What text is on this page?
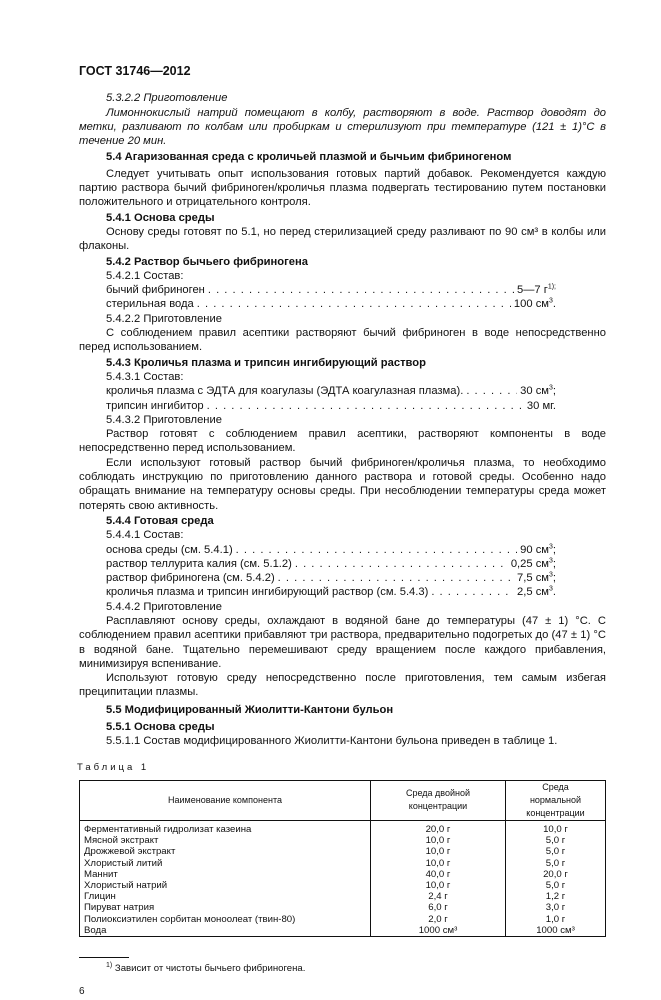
ГОСТ 31746—2012
5.3.2.2 Приготовление
Лимоннокислый натрий помещают в колбу, растворяют в воде. Раствор доводят до метки, разливают по колбам или пробиркам и стерилизуют при температуре (121 ± 1)°С в течение 20 мин.
5.4 Агаризованная среда с кроличьей плазмой и бычьим фибриногеном
Следует учитывать опыт использования готовых партий добавок. Рекомендуется каждую партию раствора бычий фибриноген/кроличья плазма подвергать тестированию путем постановки положительного и отрицательного контроля.
5.4.1 Основа среды
Основу среды готовят по 5.1, но перед стерилизацией среду разливают по 90 см³ в колбы или флаконы.
5.4.2 Раствор бычьего фибриногена
5.4.2.1 Состав:
бычий фибриноген . . .	5—7 $г^{1);}$
стерильная вода . . .	100 $см^3$.
5.4.2.2 Приготовление
С соблюдением правил асептики растворяют бычий фибриноген в воде непосредственно перед использованием.
5.4.3 Кроличья плазма и трипсин ингибирующий раствор
5.4.3.1 Состав:
кроличья плазма с ЭДТА для коагулазы (ЭДТА коагулазная плазма). . . .	30 $см^3$;
трипсин ингибитор . . .	30 мг.
5.4.3.2 Приготовление
Раствор готовят с соблюдением правил асептики, растворяют компоненты в воде непосредственно перед использованием.
Если используют готовый раствор бычий фибриноген/кроличья плазма, то необходимо соблюдать инструкцию по приготовлению данного раствора и готовой среды. Особенно надо обращать внимание на температуру основы среды. При несоблюдении температуры среда может потерять свою активность.
5.4.4 Готовая среда
5.4.4.1 Состав:
основа среды (см. 5.4.1) . . .	90 $см^3$;
раствор теллурита калия (см. 5.1.2) . . .	0,25 $см^3$;
раствор фибриногена (см. 5.4.2) . . .	7,5 $см^3$;
кроличья плазма и трипсин ингибирующий раствор (см. 5.4.3) . . .	2,5 $см^3$.
5.4.4.2 Приготовление
Расплавляют основу среды, охлаждают в водяной бане до температуры (47 ± 1) °С. С соблюдением правил асептики прибавляют три раствора, предварительно подогретых до (47 ± 1) °С в водяной бане. Тщательно перемешивают среду вращением после каждого прибавления, минимизируя вспенивание.
Используют готовую среду непосредственно после приготовления, тем самым избегая преципитации плазмы.
5.5 Модифицированный Жиолитти-Кантони бульон
5.5.1 Основа среды
5.5.1.1 Состав модифицированного Жиолитти-Кантони бульона приведен в таблице 1.
Таблица 1
Наименование компонента	Среда двойной концентрации	Среда нормальной концентрации
Ферментативный гидролизат казеина	20,0 г	10,0 г
Мясной экстракт	10,0 г	5,0 г
Дрожжевой экстракт	10,0 г	5,0 г
Хлористый литий	10,0 г	5,0 г
Маннит	40,0 г	20,0 г
Хлористый натрий	10,0 г	5,0 г
Глицин	2,4 г	1,2 г
Пируват натрия	6,0 г	3,0 г
Полиоксиэтилен сорбитан моноолеат (твин-80)	2,0 г	1,0 г
Вода	1000 см³	1000 см³
$^{1)}$ Зависит от чистоты бычьего фибриногена.
6
